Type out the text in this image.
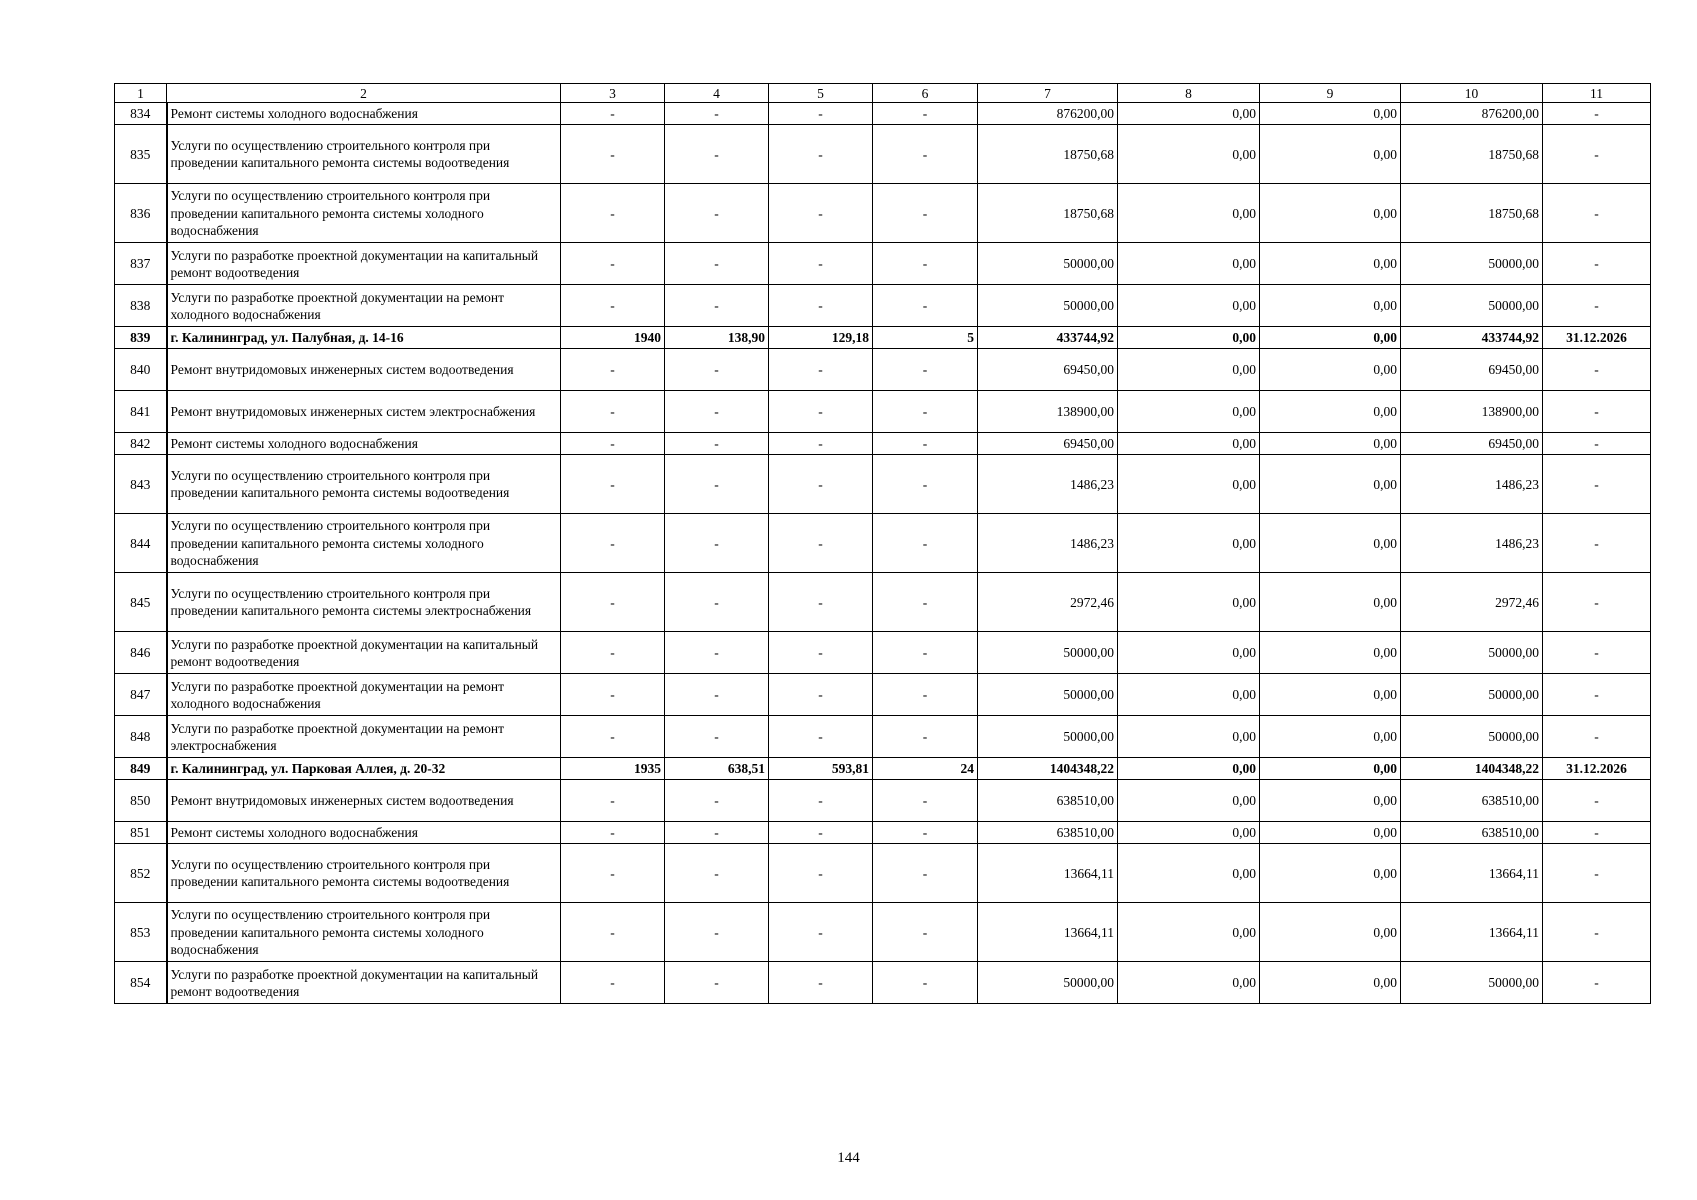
1	2	3	4	5	6	7	8	9	10	11
834	Ремонт системы холодного водоснабжения	-	-	-	-	876200,00	0,00	0,00	876200,00	-
835	Услуги по осуществлению строительного контроля при проведении капитального ремонта системы водоотведения	-	-	-	-	18750,68	0,00	0,00	18750,68	-
836	Услуги по осуществлению строительного контроля при проведении капитального ремонта системы холодного водоснабжения	-	-	-	-	18750,68	0,00	0,00	18750,68	-
837	Услуги по разработке проектной документации на капитальный ремонт водоотведения	-	-	-	-	50000,00	0,00	0,00	50000,00	-
838	Услуги по разработке проектной документации на ремонт холодного водоснабжения	-	-	-	-	50000,00	0,00	0,00	50000,00	-
839	г. Калининград, ул. Палубная, д. 14-16	1940	138,90	129,18	5	433744,92	0,00	0,00	433744,92	31.12.2026
840	Ремонт внутридомовых инженерных систем водоотведения	-	-	-	-	69450,00	0,00	0,00	69450,00	-
841	Ремонт внутридомовых инженерных систем электроснабжения	-	-	-	-	138900,00	0,00	0,00	138900,00	-
842	Ремонт системы холодного водоснабжения	-	-	-	-	69450,00	0,00	0,00	69450,00	-
843	Услуги по осуществлению строительного контроля при проведении капитального ремонта системы водоотведения	-	-	-	-	1486,23	0,00	0,00	1486,23	-
844	Услуги по осуществлению строительного контроля при проведении капитального ремонта системы холодного водоснабжения	-	-	-	-	1486,23	0,00	0,00	1486,23	-
845	Услуги по осуществлению строительного контроля при проведении капитального ремонта системы электроснабжения	-	-	-	-	2972,46	0,00	0,00	2972,46	-
846	Услуги по разработке проектной документации на капитальный ремонт водоотведения	-	-	-	-	50000,00	0,00	0,00	50000,00	-
847	Услуги по разработке проектной документации на ремонт холодного водоснабжения	-	-	-	-	50000,00	0,00	0,00	50000,00	-
848	Услуги по разработке проектной документации на ремонт электроснабжения	-	-	-	-	50000,00	0,00	0,00	50000,00	-
849	г. Калининград, ул. Парковая Аллея, д. 20-32	1935	638,51	593,81	24	1404348,22	0,00	0,00	1404348,22	31.12.2026
850	Ремонт внутридомовых инженерных систем водоотведения	-	-	-	-	638510,00	0,00	0,00	638510,00	-
851	Ремонт системы холодного водоснабжения	-	-	-	-	638510,00	0,00	0,00	638510,00	-
852	Услуги по осуществлению строительного контроля при проведении капитального ремонта системы водоотведения	-	-	-	-	13664,11	0,00	0,00	13664,11	-
853	Услуги по осуществлению строительного контроля при проведении капитального ремонта системы холодного водоснабжения	-	-	-	-	13664,11	0,00	0,00	13664,11	-
854	Услуги по разработке проектной документации на капитальный ремонт водоотведения	-	-	-	-	50000,00	0,00	0,00	50000,00	-
144
